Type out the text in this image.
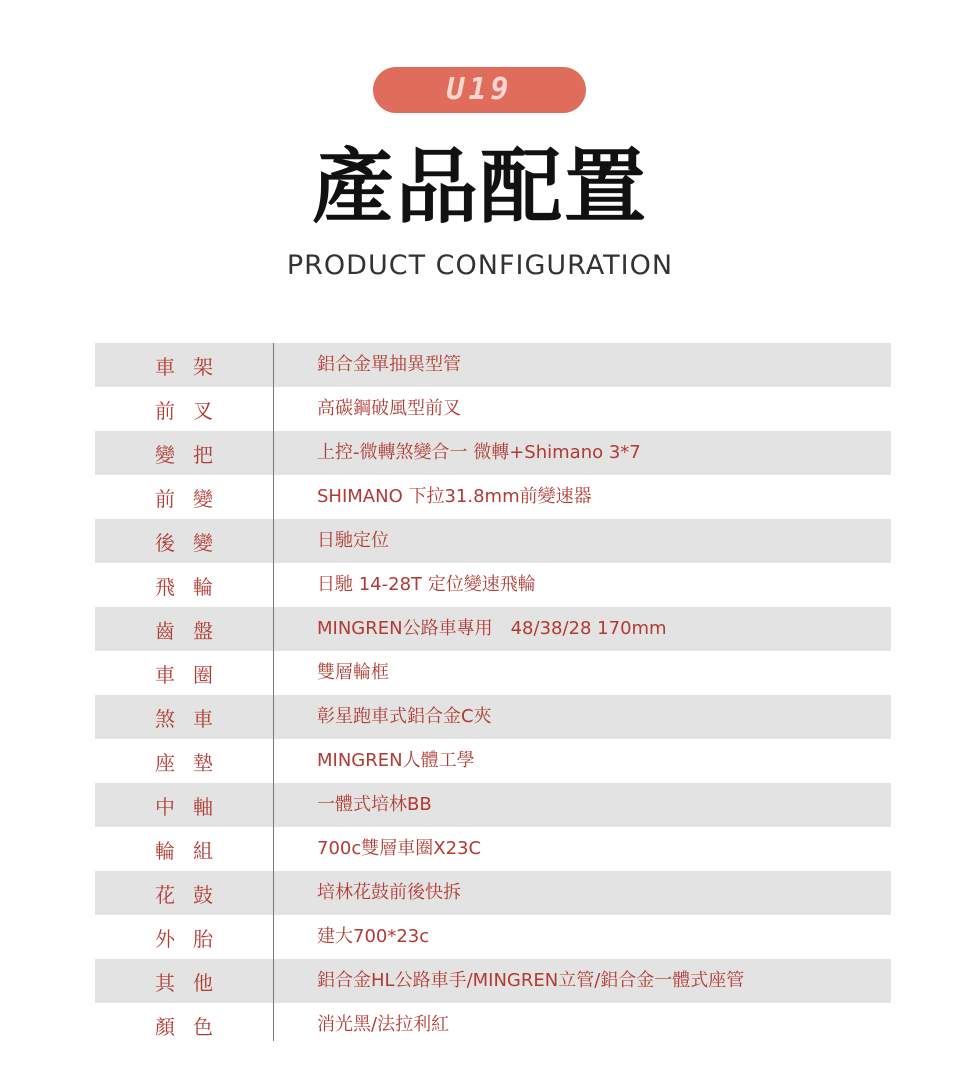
U19
產品配置
PRODUCT CONFIGURATION
車架	鋁合金單抽異型管
前叉	高碳鋼破風型前叉
變把	上控-微轉煞變合一 微轉+Shimano 3*7
前變	SHIMANO 下拉31.8mm前變速器
後變	日馳定位
飛輪	日馳 14-28T 定位變速飛輪
齒盤	MINGREN公路車專用　48/38/28 170mm
車圈	雙層輪框
煞車	彰星跑車式鋁合金C夾
座墊	MINGREN人體工學
中軸	一體式培林BB
輪組	700c雙層車圈X23C
花鼓	培林花鼓前後快拆
外胎	建大700*23c
其他	鋁合金HL公路車手/MINGREN立管/鋁合金一體式座管
顏色	消光黑/法拉利紅
